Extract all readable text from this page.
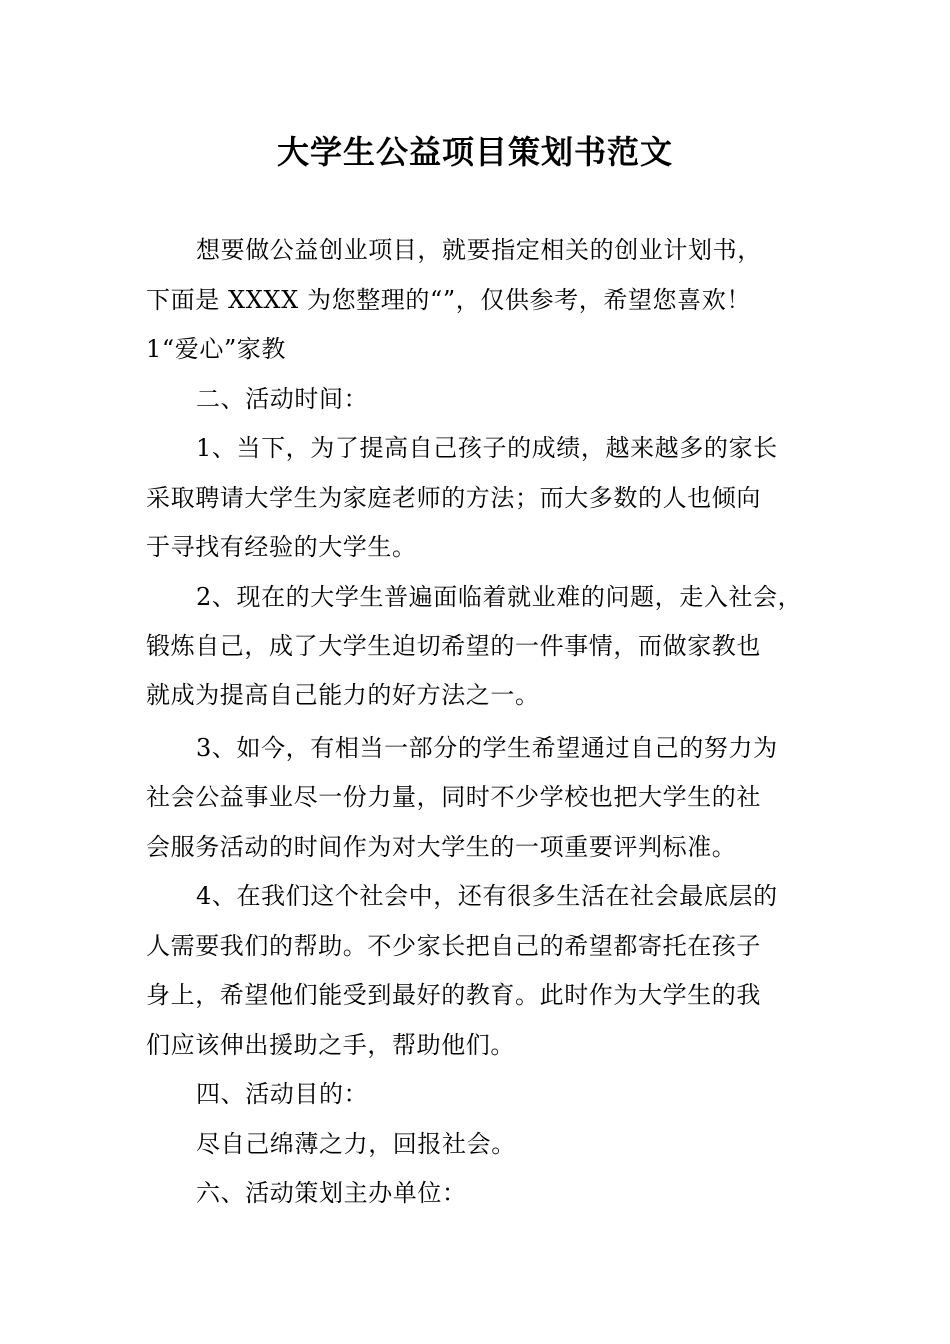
大学生公益项目策划书范文
想要做公益创业项目，就要指定相关的创业计划书，
下面是 XXXX 为您整理的“”，仅供参考，希望您喜欢！
1“爱心”家教
二、活动时间：
1、当下，为了提高自己孩子的成绩，越来越多的家长
采取聘请大学生为家庭老师的方法；而大多数的人也倾向
于寻找有经验的大学生。
2、现在的大学生普遍面临着就业难的问题，走入社会，
锻炼自己，成了大学生迫切希望的一件事情，而做家教也
就成为提高自己能力的好方法之一。
3、如今，有相当一部分的学生希望通过自己的努力为
社会公益事业尽一份力量，同时不少学校也把大学生的社
会服务活动的时间作为对大学生的一项重要评判标准。
4、在我们这个社会中，还有很多生活在社会最底层的
人需要我们的帮助。不少家长把自己的希望都寄托在孩子
身上，希望他们能受到最好的教育。此时作为大学生的我
们应该伸出援助之手，帮助他们。
四、活动目的：
尽自己绵薄之力，回报社会。
六、活动策划主办单位：
